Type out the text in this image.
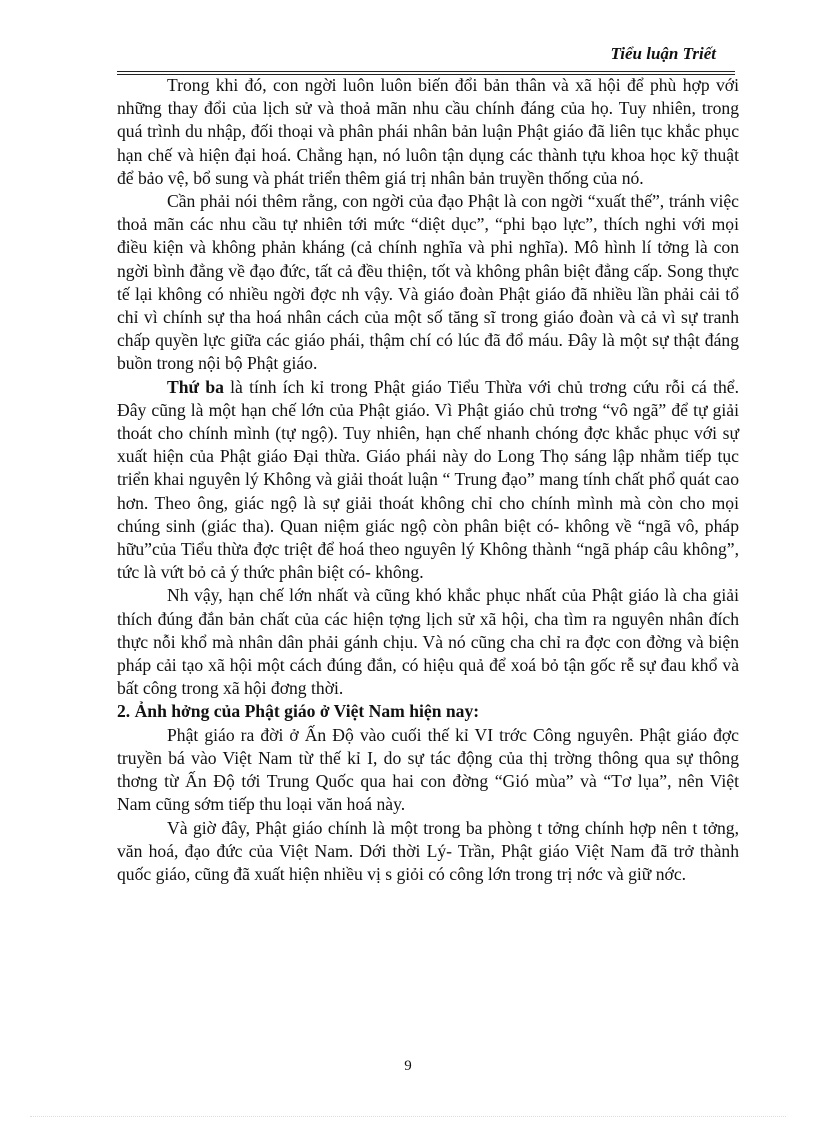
Tiểu luận Triết

Trong khi đó, con ngời luôn luôn biến đổi bản thân và xã hội để phù hợp với những thay đổi của lịch sử và thoả mãn nhu cầu chính đáng của họ. Tuy nhiên, trong quá trình du nhập, đối thoại và phân phái nhân bản luận Phật giáo đã liên tục khắc phục hạn chế và hiện đại hoá. Chẳng hạn, nó luôn tận dụng các thành tựu khoa học kỹ thuật để bảo vệ, bổ sung và phát triển thêm giá trị nhân bản truyền thống của nó.

Cần phải nói thêm rằng, con ngời của đạo Phật là con ngời “xuất thế”, tránh việc thoả mãn các nhu cầu tự nhiên tới mức “diệt dục”, “phi bạo lực”, thích nghi với mọi điều kiện và không phản kháng (cả chính nghĩa và phi nghĩa). Mô hình lí tởng là con ngời bình đẳng về đạo đức, tất cả đều thiện, tốt và không phân biệt đẳng cấp. Song thực tế lại không có nhiều ngời đợc nh vậy. Và giáo đoàn Phật giáo đã nhiều lần phải cải tổ chỉ vì chính sự tha hoá nhân cách của một số tăng sĩ trong giáo đoàn và cả vì sự tranh chấp quyền lực giữa các giáo phái, thậm chí có lúc đã đổ máu. Đây là một sự thật đáng buồn trong nội bộ Phật giáo.

Thứ ba là tính ích kỉ trong Phật giáo Tiểu Thừa với chủ trơng cứu rỗi cá thể. Đây cũng là một hạn chế lớn của Phật giáo. Vì Phật giáo chủ trơng “vô ngã” để tự giải thoát cho chính mình (tự ngộ). Tuy nhiên, hạn chế nhanh chóng đợc khắc phục với sự xuất hiện của Phật giáo Đại thừa. Giáo phái này do Long Thọ sáng lập nhằm tiếp tục triển khai nguyên lý Không và giải thoát luận “ Trung đạo” mang tính chất phổ quát cao hơn. Theo ông, giác ngộ là sự giải thoát không chỉ cho chính mình mà còn cho mọi chúng sinh (giác tha). Quan niệm giác ngộ còn phân biệt có- không về “ngã vô, pháp hữu”của Tiểu thừa đợc triệt để hoá theo nguyên lý Không thành “ngã pháp câu không”, tức là vứt bỏ cả ý thức phân biệt có- không.

Nh vậy, hạn chế lớn nhất và cũng khó khắc phục nhất của Phật giáo là cha giải thích đúng đắn bản chất của các hiện tợng lịch sử xã hội, cha tìm ra nguyên nhân đích thực nỗi khổ mà nhân dân phải gánh chịu. Và nó cũng cha chỉ ra đợc con đờng và biện pháp cải tạo xã hội một cách đúng đắn, có hiệu quả để xoá bỏ tận gốc rễ sự đau khổ và bất công trong xã hội đơng thời.

2. Ảnh hởng của Phật giáo ở Việt Nam hiện nay:

Phật giáo ra đời ở Ấn Độ vào cuối thế kỉ VI trớc Công nguyên. Phật giáo đợc truyền bá vào Việt Nam từ thế kỉ I, do sự tác động của thị trờng thông qua sự thông thơng từ Ấn Độ tới Trung Quốc qua hai con đờng “Gió mùa” và “Tơ lụa”, nên Việt Nam cũng sớm tiếp thu loại văn hoá này.

Và giờ đây, Phật giáo chính là một trong ba phòng t tởng chính hợp nên t tởng, văn hoá, đạo đức của Việt Nam. Dới thời Lý- Trần, Phật giáo Việt Nam đã trở thành quốc giáo, cũng đã xuất hiện nhiều vị s giỏi có công lớn trong trị nớc và giữ nớc.

9
